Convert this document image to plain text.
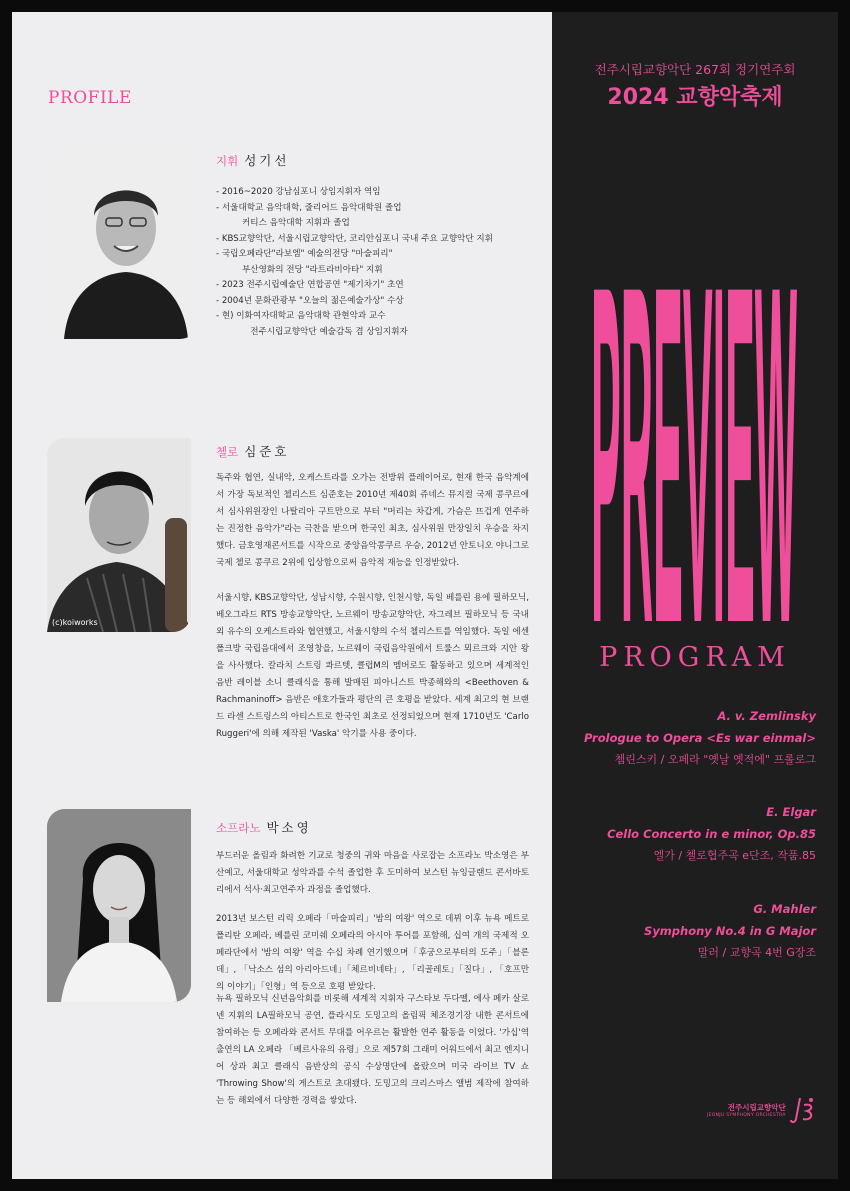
PROFILE
지휘 성기선
- 2016~2020 강남심포니 상임지휘자 역임
- 서울대학교 음악대학, 줄리어드 음악대학원 졸업
커티스 음악대학 지휘과 졸업
- KBS교향악단, 서울시립교향악단, 코리안심포니 국내 주요 교향악단 지휘
- 국립오페라단"라보엠" 예술의전당 "마술피리"
부산영화의 전당 "라트라비아타" 지휘
- 2023 전주시립예술단 연합공연 "제기차기" 초연
- 2004년 문화관광부 "오늘의 젊은예술가상" 수상
- 현) 이화여자대학교 음악대학 관현악과 교수
전주시립교향악단 예술감독 겸 상임지휘자
(c)koiworks
첼로 심준호

독주와 협연, 실내악, 오케스트라를 오가는 전방위 플레이어로, 현재 한국 음악계에서 가장 독보적인 첼리스트 심준호는 2010년 제40회 쥬네스 뮤지컬 국제 콩쿠르에서 심사위원장인 나탈리아 구트만으로 부터 "머리는 차갑게, 가슴은 뜨겁게 연주하는 진정한 음악가"라는 극찬을 받으며 한국인 최초, 심사위원 만장일치 우승을 차지했다. 금호영재콘서트를 시작으로 중앙음악콩쿠르 우승, 2012년 안토니오 야니그로 국제 첼로 콩쿠르 2위에 입상함으로써 음악적 재능을 인정받았다.

서울시향, KBS교향악단, 성남시향, 수원시향, 인천시향, 독일 베를린 용에 필하모닉, 베오그라드 RTS 방송교향악단, 노르웨이 방송교향악단, 자그레브 필하모닉 등 국내외 유수의 오케스트라와 협연했고, 서울시향의 수석 첼리스트를 역임했다. 독일 에센 폴크방 국립음대에서 조영창을, 노르웨이 국립음악원에서 트룰스 뫼르크와 지안 왕을 사사했다. 칼라치 스트링 콰르텟, 클럽M의 멤버로도 활동하고 있으며 세계적인 음반 레이블 소니 클래식을 통해 발매된 피아니스트 박종해와의 <Beethoven & Rachmaninoff> 음반은 애호가들과 평단의 큰 호평을 받았다. 세계 최고의 현 브랜드 라센 스트링스의 아티스트로 한국인 최초로 선정되었으며 현재 1710년도 'Carlo Ruggeri'에 의해 제작된 'Vaska' 악기를 사용 중이다.

소프라노 박소영

부드러운 올림과 화려한 기교로 청중의 귀와 마음을 사로잡는 소프라노 박소영은 부산예고, 서울대학교 성악과를 수석 졸업한 후 도미하여 보스턴 뉴잉글랜드 콘서바토리에서 석사·최고연주자 과정을 졸업했다.

2013년 보스턴 리릭 오페라「마술피리」'밤의 여왕' 역으로 데뷔 이후 뉴욕 메트로폴리탄 오페라, 베를린 코미쉐 오페라의 아시아 투어를 포함해, 십여 개의 국제적 오페라단에서 '밤의 여왕' 역을 수십 차례 연기했으며「후궁으로부터의 도주」「블론데」, 「낙소스 섬의 아리아드네」「체르비네타」, 「리골레토」「질다」, 「호프만 의 이야기」「인형」역 등으로 호평 받았다.

뉴욕 필하모닉 신년음악회를 비롯해 세계적 지휘자 구스타보 두다멜, 에사 페카 살로넨 지휘의 LA필하모닉 공연, 플라시도 도밍고의 올림픽 체조경기장 내한 콘서트에 참여하는 등 오페라와 콘서트 무대를 어우르는 활발한 연주 활동을 이었다. '가십'역 출연의 LA 오페라 「베르사유의 유령」으로 제57회 그래미 어워드에서 최고 엔지니어 상과 최고 클래식 음반상의 공식 수상명단에 올랐으며 미국 라이브 TV 쇼 'Throwing Show'의 게스트로 초대됐다. 도밍고의 크리스마스 앨범 제작에 참여하는 등 해외에서 다양한 경력을 쌓았다.

전주시립교향악단 267회 정기연주회
2024 교향악축제
PREVIEW
PROGRAM
A. v. Zemlinsky
Prologue to Opera <Es war einmal>
쳄린스키 / 오페라 "옛날 옛적에" 프롤로그
E. Elgar
Cello Concerto in e minor, Op.85
엘가 / 첼로협주곡 e단조, 작품.85
G. Mahler
Symphony No.4 in G Major
말러 / 교향곡 4번 G장조
전주시립교향악단
JEONJU SYMPHONY ORCHESTRA
